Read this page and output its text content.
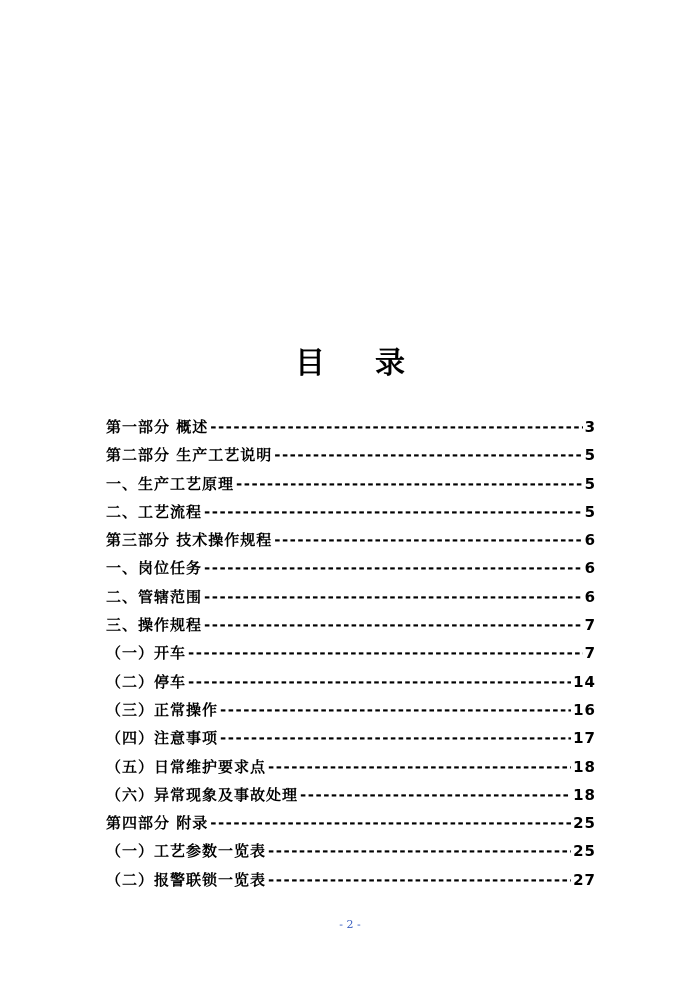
目 录
第一部分 概述 -----	3
第二部分 生产工艺说明 -----	5
一、生产工艺原理 -----	5
二、工艺流程 -----	5
第三部分 技术操作规程 -----	6
一、岗位任务 -----	6
二、管辖范围 -----	6
三、操作规程 -----	7
（一）开车 -----	7
（二）停车 -----	14
（三）正常操作 -----	16
（四）注意事项 -----	17
（五）日常维护要求点 -----	18
（六）异常现象及事故处理 -----	18
第四部分 附录 -----	25
（一）工艺参数一览表 -----	25
（二）报警联锁一览表 -----	27
- 2 -
